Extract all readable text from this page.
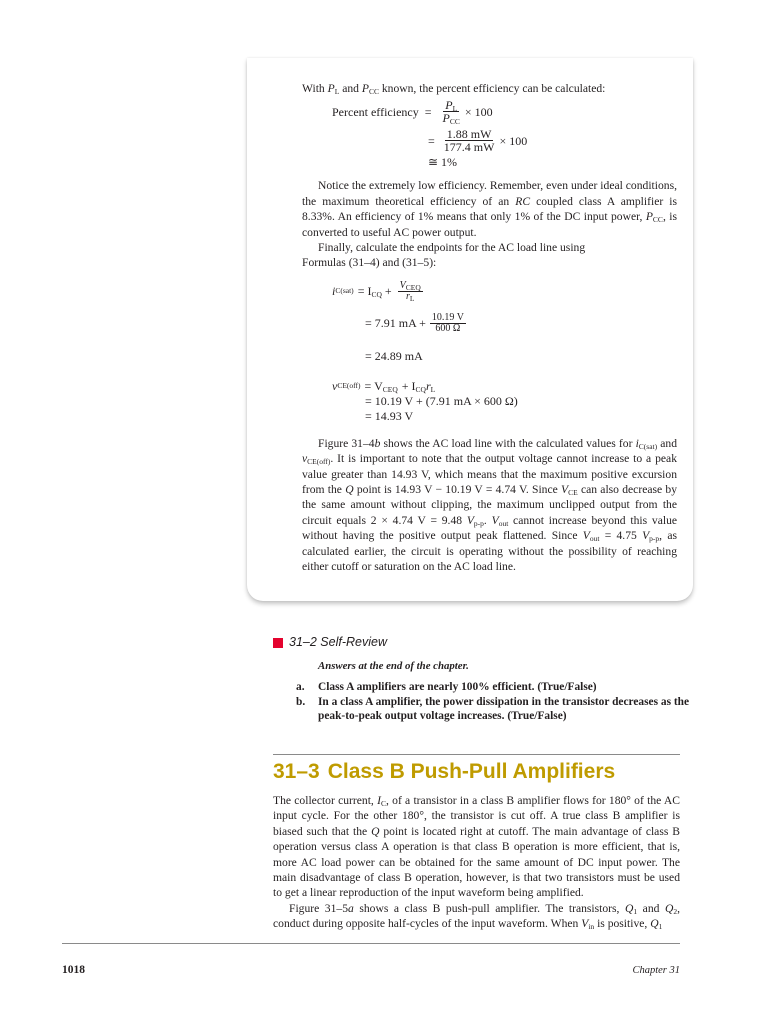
With $P_L$ and $P_{CC}$ known, the percent efficiency can be calculated:

Percent efficiency = $\frac{P_L}{P_{CC}} \times 100$
= $\frac{1.88 mW}{177.4 mW} \times 100$
≅ 1%

Notice the extremely low efficiency. Remember, even under ideal conditions, the maximum theoretical efficiency of an RC coupled class A amplifier is 8.33%. An efficiency of 1% means that only 1% of the DC input power, $P_{CC}$, is converted to useful AC power output.

Finally, calculate the endpoints for the AC load line using Formulas (31–4) and (31–5):

i $C(sat) = I_{CQ} + \frac{V_{CEQ}}{r_L}$
= 7.91 mA + $\frac{10.19 V}{600 \Omega}$
= 24.89 mA
v $CE(off) = V_{CEQ} + I_{CQ}r_L$
= 10.19 V + (7.91 mA × 600 Ω)
= 14.93 V

Figure 31–4b shows the AC load line with the calculated values for $i_{C(sat)}$ and $v_{CE(off)}$. It is important to note that the output voltage cannot increase to a peak value greater than 14.93 V, which means that the maximum positive excursion from the Q point is 14.93 V − 10.19 V = 4.74 V. Since $V_{CE}$ can also decrease by the same amount without clipping, the maximum unclipped output from the circuit equals 2 × 4.74 V = 9.48 $V_{p-p}$. $V_{out}$ cannot increase beyond this value without having the positive output peak flattened. Since $V_{out} = 4.75$ $V_{p-p}$, as calculated earlier, the circuit is operating without the possibility of reaching either cutoff or saturation on the AC load line.

31–2 Self-Review
Answers at the end of the chapter.
a. Class A amplifiers are nearly 100% efficient. (True/False)
b. In a class A amplifier, the power dissipation in the transistor decreases as the peak-to-peak output voltage increases. (True/False)
31–3 Class B Push-Pull Amplifiers

The collector current, $I_C$, of a transistor in a class B amplifier flows for 180° of the AC input cycle. For the other 180°, the transistor is cut off. A true class B amplifier is biased such that the Q point is located right at cutoff. The main advantage of class B operation versus class A operation is that class B operation is more efficient, that is, more AC load power can be obtained for the same amount of DC input power. The main disadvantage of class B operation, however, is that two transistors must be used to get a linear reproduction of the input waveform being amplified.

Figure 31–5a shows a class B push-pull amplifier. The transistors, $Q_1$ and $Q_2$, conduct during opposite half-cycles of the input waveform. When $V_{in}$ is positive, $Q_1$

1018	Chapter 31
